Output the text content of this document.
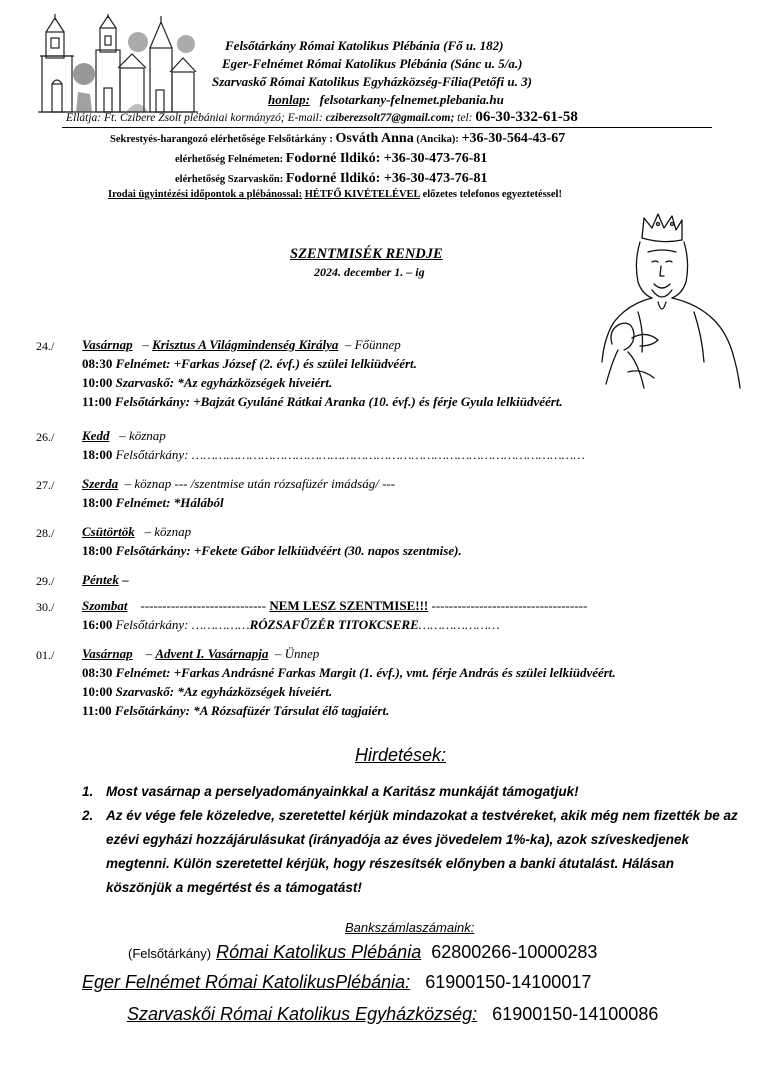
Felsőtárkány Római Katolikus Plébánia (Fő u. 182)
Eger-Felnémet Római Katolikus Plébánia (Sánc u. 5/a.)
Szarvaskő Római Katolikus Egyházközség-Fília(Petőfi u. 3)
honlap: felsotarkany-felnemet.plebania.hu
Ellátja: Ft. Czibere Zsolt plébániai kormányzó; E-mail: cziberezsolt77@gmail.com; tel: 06-30-332-61-58
Sekrestyés-harangozó elérhetősége Felsőtárkány : Osváth Anna (Ancika): +36-30-564-43-67
elérhetőség Felnémeten: Fodorné Ildikó: +36-30-473-76-81
elérhetőség Szarvaskőn: Fodorné Ildikó: +36-30-473-76-81
Irodai ügyintézési időpontok a plébánossal: HÉTFŐ KIVÉTELÉVEL előzetes telefonos egyeztetéssel!
SZENTMISÉK RENDJE
2024. december 1. – ig
24./ Vasárnap – Krisztus A Világmindenség Királya – Főünnep
08:30 Felnémet: +Farkas József (2. évf.) és szülei lelkiüdvéért.
10:00 Szarvaskő: *Az egyházközségek híveiért.
11:00 Felsőtárkány: +Bajzát Gyuláné Rátkai Aranka (10. évf.) és férje Gyula lelkiüdvéért.
26./ Kedd – köznap
18:00 Felsőtárkány: …………………………………………………………………………………………
27./ Szerda – köznap --- /szentmise után rózsafüzér imádság/ ---
18:00 Felnémet: *Hálából
28./ Csütörtök – köznap
18:00 Felsőtárkány: +Fekete Gábor lelkiüdvéért (30. napos szentmise).
29./ Péntek –
30./ Szombat ----------------------------- NEM LESZ SZENTMISE!!! ------------------------------------
16:00 Felsőtárkány: ……………RÓZSAFŰZÉR TITOKCSERE…………………
01./ Vasárnap – Advent I. Vasárnapja – Ünnep
08:30 Felnémet: +Farkas Andrásné Farkas Margit (1. évf.), vmt. férje András és szülei lelkiüdvéért.
10:00 Szarvaskő: *Az egyházközségek híveiért.
11:00 Felsőtárkány: *A Rózsafüzér Társulat élő tagjaiért.
Hirdetések:
1. Most vasárnap a perselyadományainkkal a Karitász munkáját támogatjuk!
2. Az év vége fele közeledve, szeretettel kérjük mindazokat a testvéreket, akik még nem fizették be az ezévi egyházi hozzájárulásukat (irányadója az éves jövedelem 1%-ka), azok szíveskedjenek megtenni. Külön szeretettel kérjük, hogy részesítsék előnyben a banki átutalást. Hálásan köszönjük a megértést és a támogatást!
Bankszámlaszámaink:
(Felsőtárkány) Római Katolikus Plébánia 62800266-10000283
Eger Felnémet Római KatolikusPlébánia: 61900150-14100017
Szarvaskői Római Katolikus Egyházközség: 61900150-14100086
